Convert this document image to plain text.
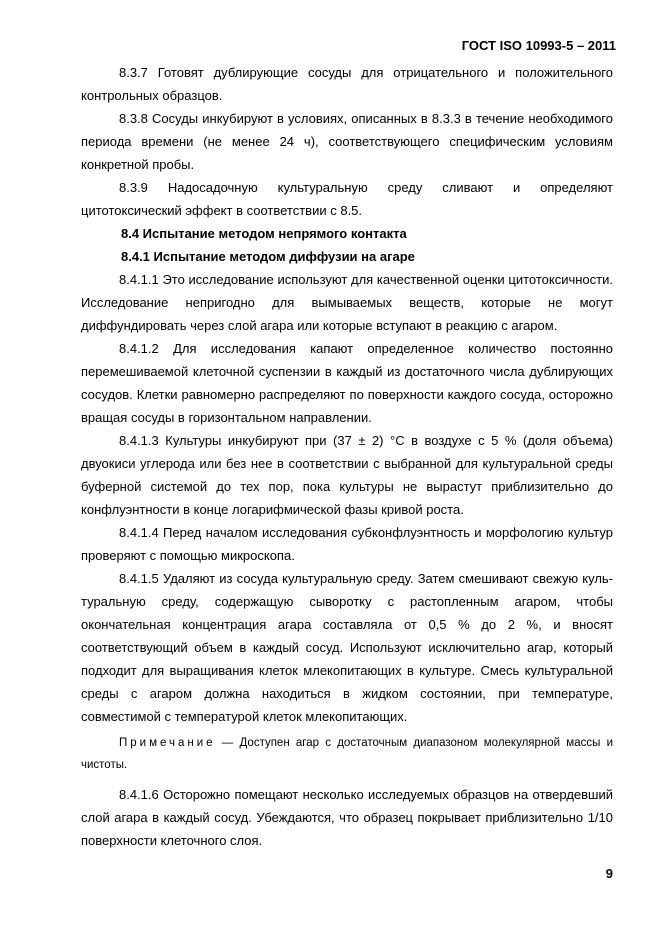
ГОСТ ISO 10993-5 – 2011

8.3.7 Готовят дублирующие сосуды для отрицательного и положительного контрольных образцов.

8.3.8 Сосуды инкубируют в условиях, описанных в 8.3.3 в течение необходимого периода времени (не менее 24 ч), соответствующего специфическим условиям конкретной пробы.

8.3.9 Надосадочную культуральную среду сливают и определяют цитотоксический эффект в соответствии с 8.5.

8.4 Испытание методом непрямого контакта
8.4.1 Испытание методом диффузии на агаре

8.4.1.1 Это исследование используют для качественной оценки цитотоксичности. Исследование непригодно для вымываемых веществ, которые не могут диффундировать через слой агара или которые вступают в реакцию с агаром.

8.4.1.2 Для исследования капают определенное количество постоянно перемешиваемой клеточной суспензии в каждый из достаточного числа дублирующих сосудов. Клетки равномерно распределяют по поверхности каждого сосуда, осторожно вращая сосуды в горизонтальном направлении.

8.4.1.3 Культуры инкубируют при (37 ± 2) °С в воздухе с 5 % (доля объема) двуокиси углерода или без нее в соответствии с выбранной для культуральной среды буферной системой до тех пор, пока культуры не вырастут приблизительно до конфлуэнтности в конце логарифмической фазы кривой роста.

8.4.1.4 Перед началом исследования субконфлуэнтность и морфологию культур проверяют с помощью микроскопа.

8.4.1.5 Удаляют из сосуда культуральную среду. Затем смешивают свежую куль-туральную среду, содержащую сыворотку с растопленным агаром, чтобы окончательная концентрация агара составляла от 0,5 % до 2 %, и вносят соответствующий объем в каждый сосуд. Используют исключительно агар, который подходит для выращивания клеток млекопитающих в культуре. Смесь культуральной среды с агаром должна находиться в жидком состоянии, при температуре, совместимой с температурой клеток млекопитающих.

Примечание — Доступен агар с достаточным диапазоном молекулярной массы и чистоты.

8.4.1.6 Осторожно помещают несколько исследуемых образцов на отвердевший слой агара в каждый сосуд. Убеждаются, что образец покрывает приблизительно 1/10 поверхности клеточного слоя.

9
